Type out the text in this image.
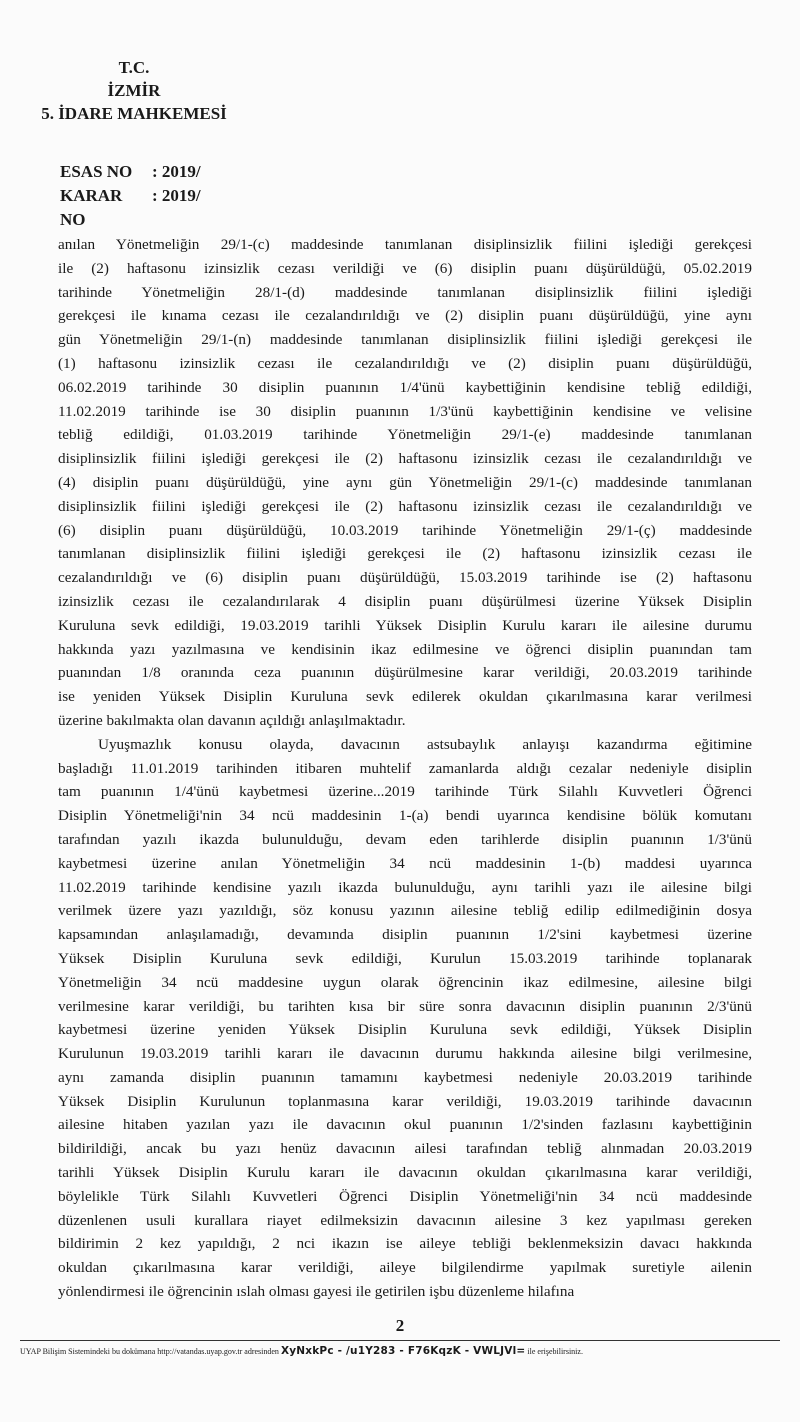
T.C.
İZMİR
5. İDARE MAHKEMESİ
ESAS NO	: 2019/
KARAR NO
: 2019/
anılan Yönetmeliğin 29/1-(c) maddesinde tanımlanan disiplinsizlik fiilini işlediği gerekçesi
ile (2) haftasonu izinsizlik cezası verildiği ve (6) disiplin puanı düşürüldüğü, 05.02.2019
tarihinde Yönetmeliğin 28/1-(d) maddesinde tanımlanan disiplinsizlik fiilini işlediği
gerekçesi ile kınama cezası ile cezalandırıldığı ve (2) disiplin puanı düşürüldüğü, yine aynı
gün Yönetmeliğin 29/1-(n) maddesinde tanımlanan disiplinsizlik fiilini işlediği gerekçesi ile
(1) haftasonu izinsizlik cezası ile cezalandırıldığı ve (2) disiplin puanı düşürüldüğü,
06.02.2019 tarihinde 30 disiplin puanının 1/4'ünü kaybettiğinin kendisine tebliğ edildiği,
11.02.2019 tarihinde ise 30 disiplin puanının 1/3'ünü kaybettiğinin kendisine ve velisine
tebliğ edildiği, 01.03.2019 tarihinde Yönetmeliğin 29/1-(e) maddesinde tanımlanan
disiplinsizlik fiilini işlediği gerekçesi ile (2) haftasonu izinsizlik cezası ile cezalandırıldığı ve
(4) disiplin puanı düşürüldüğü, yine aynı gün Yönetmeliğin 29/1-(c) maddesinde tanımlanan
disiplinsizlik fiilini işlediği gerekçesi ile (2) haftasonu izinsizlik cezası ile cezalandırıldığı ve
(6) disiplin puanı düşürüldüğü, 10.03.2019 tarihinde Yönetmeliğin 29/1-(ç) maddesinde
tanımlanan disiplinsizlik fiilini işlediği gerekçesi ile (2) haftasonu izinsizlik cezası ile
cezalandırıldığı ve (6) disiplin puanı düşürüldüğü, 15.03.2019 tarihinde ise (2) haftasonu
izinsizlik cezası ile cezalandırılarak 4 disiplin puanı düşürülmesi üzerine Yüksek Disiplin
Kuruluna sevk edildiği, 19.03.2019 tarihli Yüksek Disiplin Kurulu kararı ile ailesine durumu
hakkında yazı yazılmasına ve kendisinin ikaz edilmesine ve öğrenci disiplin puanından tam
puanından 1/8 oranında ceza puanının düşürülmesine karar verildiği, 20.03.2019 tarihinde
ise yeniden Yüksek Disiplin Kuruluna sevk edilerek okuldan çıkarılmasına karar verilmesi
üzerine bakılmakta olan davanın açıldığı anlaşılmaktadır.
Uyuşmazlık konusu olayda, davacının astsubaylık anlayışı kazandırma eğitimine
başladığı 11.01.2019 tarihinden itibaren muhtelif zamanlarda aldığı cezalar nedeniyle disiplin
tam puanının 1/4'ünü kaybetmesi üzerine...2019 tarihinde Türk Silahlı Kuvvetleri Öğrenci
Disiplin Yönetmeliği'nin 34 ncü maddesinin 1-(a) bendi uyarınca kendisine bölük komutanı
tarafından yazılı ikazda bulunulduğu, devam eden tarihlerde disiplin puanının 1/3'ünü
kaybetmesi üzerine anılan Yönetmeliğin 34 ncü maddesinin 1-(b) maddesi uyarınca
11.02.2019 tarihinde kendisine yazılı ikazda bulunulduğu, aynı tarihli yazı ile ailesine bilgi
verilmek üzere yazı yazıldığı, söz konusu yazının ailesine tebliğ edilip edilmediğinin dosya
kapsamından anlaşılamadığı, devamında disiplin puanının 1/2'sini kaybetmesi üzerine
Yüksek Disiplin Kuruluna sevk edildiği, Kurulun 15.03.2019 tarihinde toplanarak
Yönetmeliğin 34 ncü maddesine uygun olarak öğrencinin ikaz edilmesine, ailesine bilgi
verilmesine karar verildiği, bu tarihten kısa bir süre sonra davacının disiplin puanının 2/3'ünü
kaybetmesi üzerine yeniden Yüksek Disiplin Kuruluna sevk edildiği, Yüksek Disiplin
Kurulunun 19.03.2019 tarihli kararı ile davacının durumu hakkında ailesine bilgi verilmesine,
aynı zamanda disiplin puanının tamamını kaybetmesi nedeniyle 20.03.2019 tarihinde
Yüksek Disiplin Kurulunun toplanmasına karar verildiği, 19.03.2019 tarihinde davacının
ailesine hitaben yazılan yazı ile davacının okul puanının 1/2'sinden fazlasını kaybettiğinin
bildirildiği, ancak bu yazı henüz davacının ailesi tarafından tebliğ alınmadan 20.03.2019
tarihli Yüksek Disiplin Kurulu kararı ile davacının okuldan çıkarılmasına karar verildiği,
böylelikle Türk Silahlı Kuvvetleri Öğrenci Disiplin Yönetmeliği'nin 34 ncü maddesinde
düzenlenen usuli kurallara riayet edilmeksizin davacının ailesine 3 kez yapılması gereken
bildirimin 2 kez yapıldığı, 2 nci ikazın ise aileye tebliği beklenmeksizin davacı hakkında
okuldan çıkarılmasına karar verildiği, aileye bilgilendirme yapılmak suretiyle ailenin
yönlendirmesi ile öğrencinin ıslah olması gayesi ile getirilen işbu düzenleme hilafına
2
UYAP Bilişim Sistemindeki bu dokümana http://vatandas.uyap.gov.tr adresinden XyNxkPc - /u1Y283 - F76KqzK - VWLJVl= ile erişebilirsiniz.
